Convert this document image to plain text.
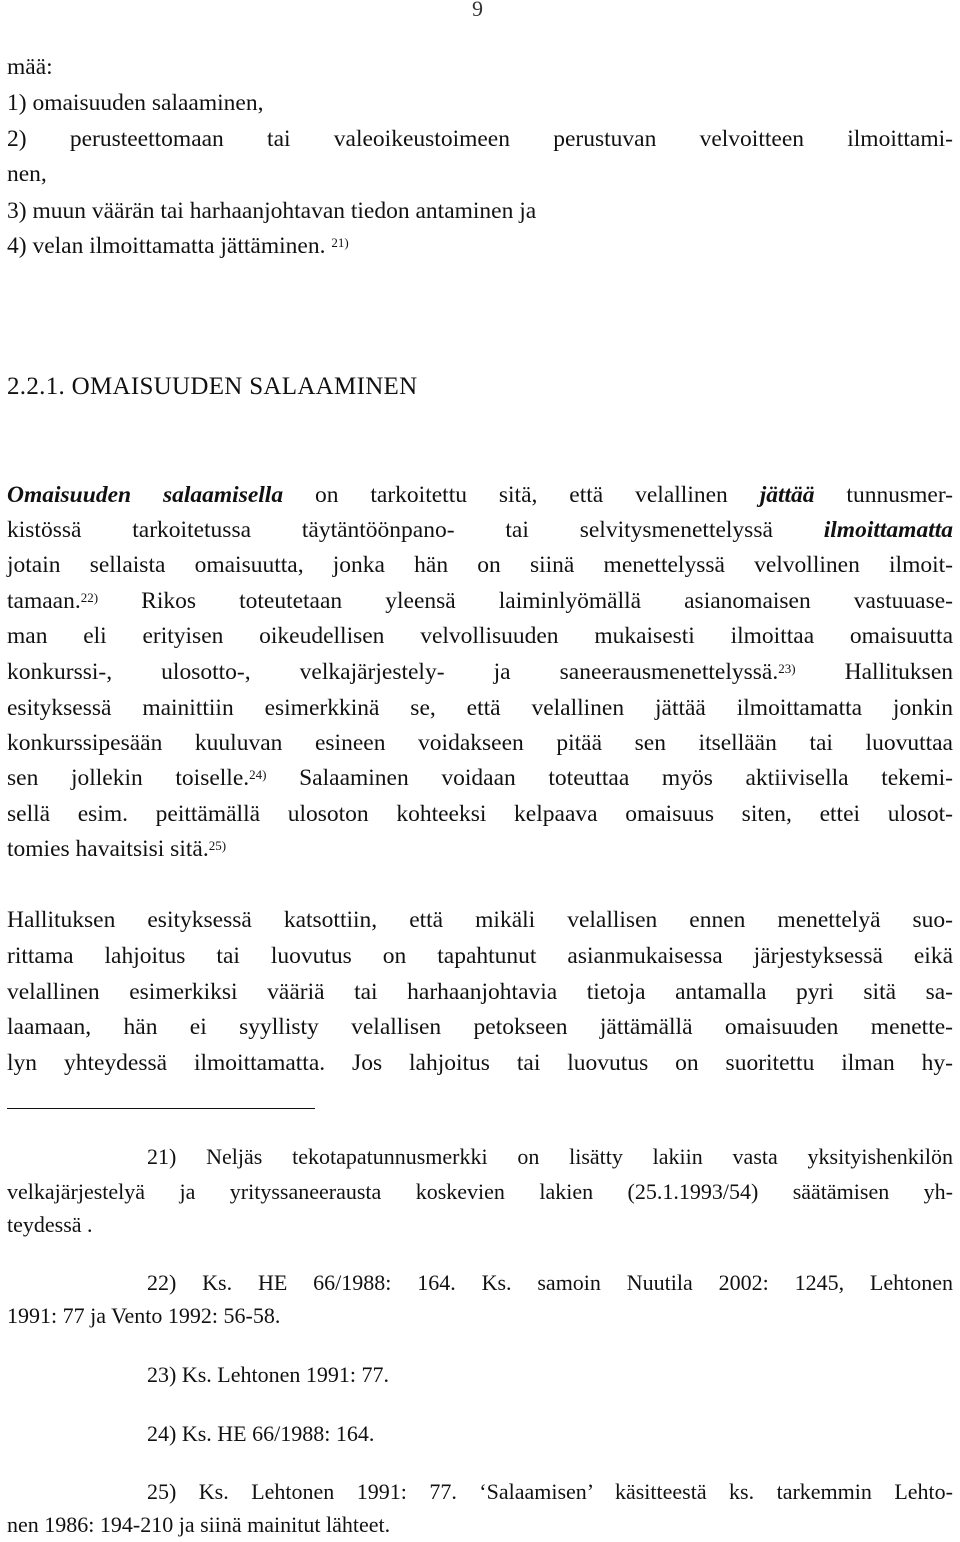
9
mää:
1) omaisuuden salaaminen,
2) perusteettomaan tai valeoikeustoimeen perustuvan velvoitteen ilmoittami-
nen,
3) muun väärän tai harhaanjohtavan tiedon antaminen ja
4) velan ilmoittamatta jättäminen. $^{21)}$
2.2.1. OMAISUUDEN SALAAMINEN
Omaisuuden salaamisella on tarkoitettu sitä, että velallinen jättää tunnusmer-
kistössä tarkoitetussa täytäntöönpano- tai selvitysmenettelyssä ilmoittamatta
jotain sellaista omaisuutta, jonka hän on siinä menettelyssä velvollinen ilmoit-
tamaan.$^{22)}$ Rikos toteutetaan yleensä laiminlyömällä asianomaisen vastuuase-
man eli erityisen oikeudellisen velvollisuuden mukaisesti ilmoittaa omaisuutta
konkurssi-, ulosotto-, velkajärjestely- ja saneerausmenettelyssä.$^{23)}$ Hallituksen
esityksessä mainittiin esimerkkinä se, että velallinen jättää ilmoittamatta jonkin
konkurssipesään kuuluvan esineen voidakseen pitää sen itsellään tai luovuttaa
sen jollekin toiselle.$^{24)}$ Salaaminen voidaan toteuttaa myös aktiivisella tekemi-
sellä esim. peittämällä ulosoton kohteeksi kelpaava omaisuus siten, ettei ulosot-
tomies havaitsisi sitä.$^{25)}$
Hallituksen esityksessä katsottiin, että mikäli velallisen ennen menettelyä suo-
rittama lahjoitus tai luovutus on tapahtunut asianmukaisessa järjestyksessä eikä
velallinen esimerkiksi vääriä tai harhaanjohtavia tietoja antamalla pyri sitä sa-
laamaan, hän ei syyllisty velallisen petokseen jättämällä omaisuuden menette-
lyn yhteydessä ilmoittamatta. Jos lahjoitus tai luovutus on suoritettu ilman hy-
21) Neljäs tekotapatunnusmerkki on lisätty lakiin vasta yksityishenkilön
velkajärjestelyä ja yrityssaneerausta koskevien lakien (25.1.1993/54) säätämisen yh-
teydessä .
22) Ks. HE 66/1988: 164. Ks. samoin Nuutila 2002: 1245, Lehtonen
1991: 77 ja Vento 1992: 56-58.
23) Ks. Lehtonen 1991: 77.
24) Ks. HE 66/1988: 164.
25) Ks. Lehtonen 1991: 77. ‘Salaamisen’ käsitteestä ks. tarkemmin Lehto-
nen 1986: 194-210 ja siinä mainitut lähteet.
